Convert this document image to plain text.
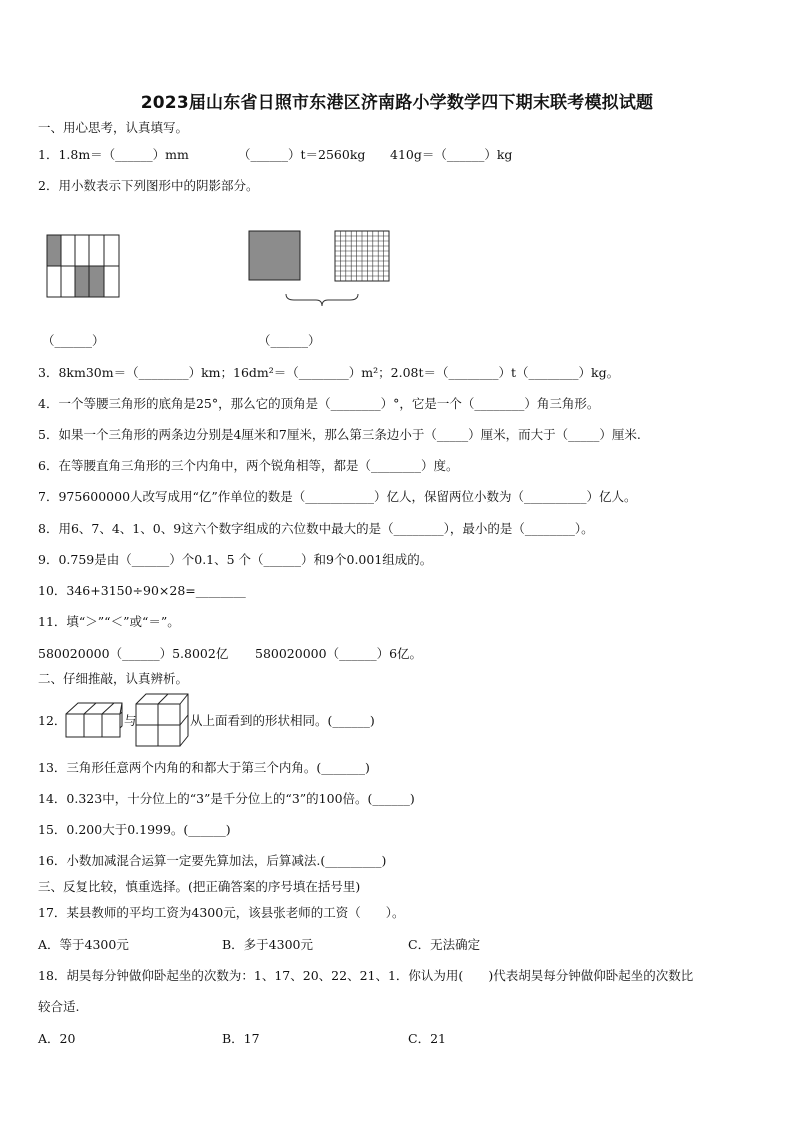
2023届山东省日照市东港区济南路小学数学四下期末联考模拟试题
一、用心思考，认真填写。
1．1.8m＝（______）mm	（______）t＝2560kg 410g＝（______）kg
2．用小数表示下列图形中的阴影部分。
（______）	（______）
3．8km30m＝（________）km；16dm²＝（________）m²；2.08t＝（________）t（________）kg。
4．一个等腰三角形的底角是25°，那么它的顶角是（________）°，它是一个（________）角三角形。
5．如果一个三角形的两条边分别是4厘米和7厘米，那么第三条边小于（_____）厘米，而大于（_____）厘米.
6．在等腰直角三角形的三个内角中，两个锐角相等，都是（________）度。
7．975600000人改写成用“亿”作单位的数是（___________）亿人，保留两位小数为（__________）亿人。
8．用6、7、4、1、0、9这六个数字组成的六位数中最大的是（________），最小的是（________）。
9．0.759是由（______）个0.1、5 个（______）和9个0.001组成的。
10．346+3150÷90×28=________
11．填“＞”“＜”或“＝”。
580020000（______）5.8002亿 580020000（______）6亿。
二、仔细推敲，认真辨析。
12．	与	从上面看到的形状相同。(______)
13．三角形任意两个内角的和都大于第三个内角。(_______)
14．0.323中，十分位上的“3”是千分位上的“3”的100倍。(______)
15．0.200大于0.1999。(______)
16．小数加减混合运算一定要先算加法，后算减法.(_________)
三、反复比较，慎重选择。(把正确答案的序号填在括号里)
17．某县教师的平均工资为4300元，该县张老师的工资（　　）。
A．等于4300元	B．多于4300元	C．无法确定
18．胡昊每分钟做仰卧起坐的次数为：1、17、20、22、21、1．你认为用(　　)代表胡昊每分钟做仰卧起坐的次数比
较合适.
A．20	B．17	C．21
